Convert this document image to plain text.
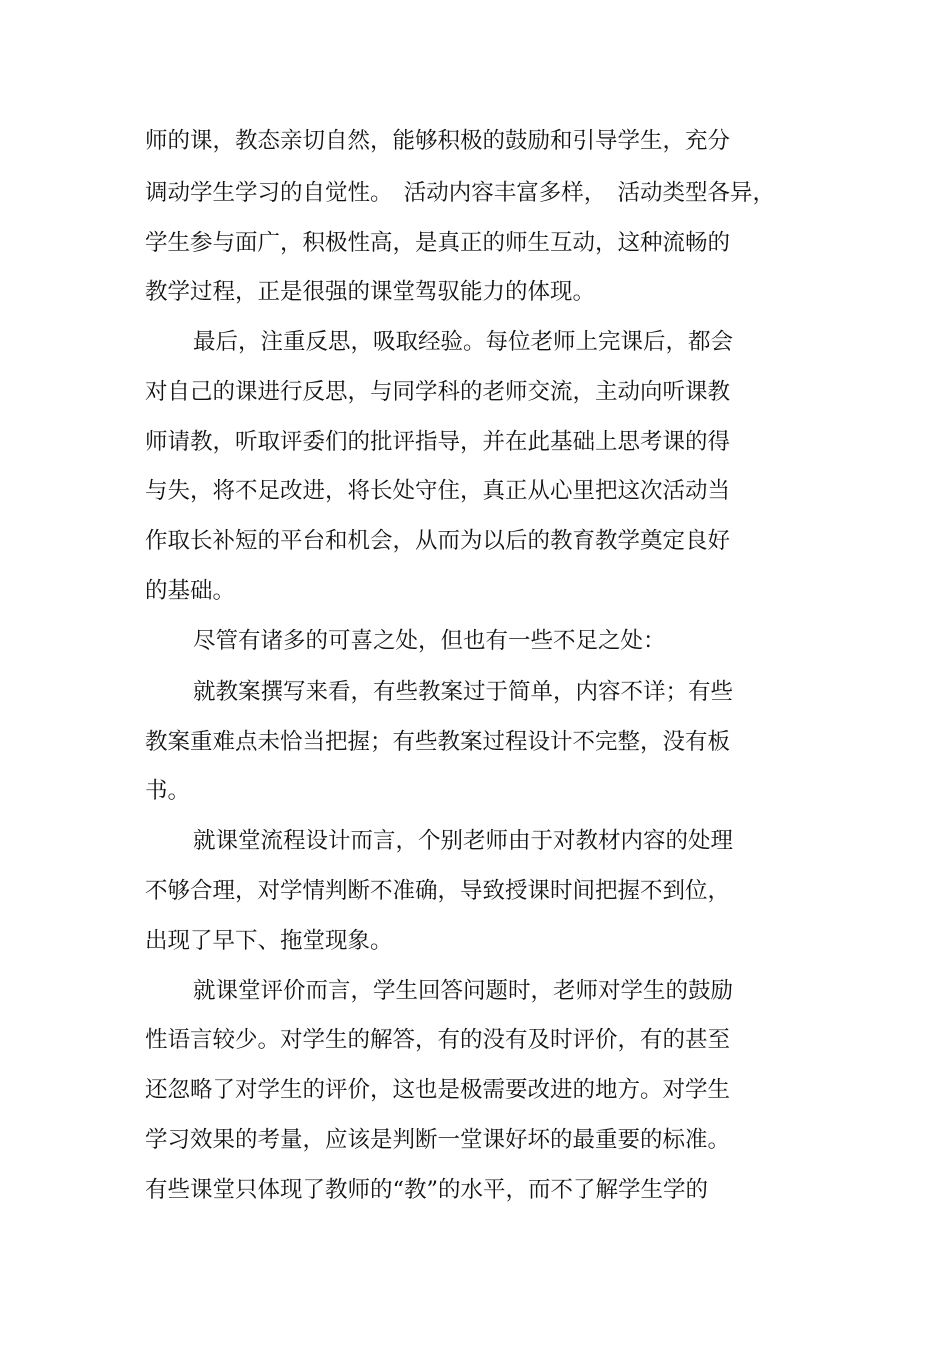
师的课，教态亲切自然，能够积极的鼓励和引导学生，充分
调动学生学习的自觉性。　活动内容丰富多样，　活动类型各异，
学生参与面广，积极性高，是真正的师生互动，这种流畅的
教学过程，正是很强的课堂驾驭能力的体现。
最后，注重反思，吸取经验。每位老师上完课后，都会
对自己的课进行反思，与同学科的老师交流，主动向听课教
师请教，听取评委们的批评指导，并在此基础上思考课的得
与失，将不足改进，将长处守住，真正从心里把这次活动当
作取长补短的平台和机会，从而为以后的教育教学奠定良好
的基础。
尽管有诸多的可喜之处，但也有一些不足之处：
就教案撰写来看，有些教案过于简单，内容不详；有些
教案重难点未恰当把握；有些教案过程设计不完整，没有板
书。
就课堂流程设计而言，个别老师由于对教材内容的处理
不够合理，对学情判断不准确，导致授课时间把握不到位，
出现了早下、拖堂现象。
就课堂评价而言，学生回答问题时，老师对学生的鼓励
性语言较少。对学生的解答，有的没有及时评价，有的甚至
还忽略了对学生的评价，这也是极需要改进的地方。对学生
学习效果的考量，应该是判断一堂课好坏的最重要的标准。
有些课堂只体现了教师的“教”的水平，而不了解学生学的
